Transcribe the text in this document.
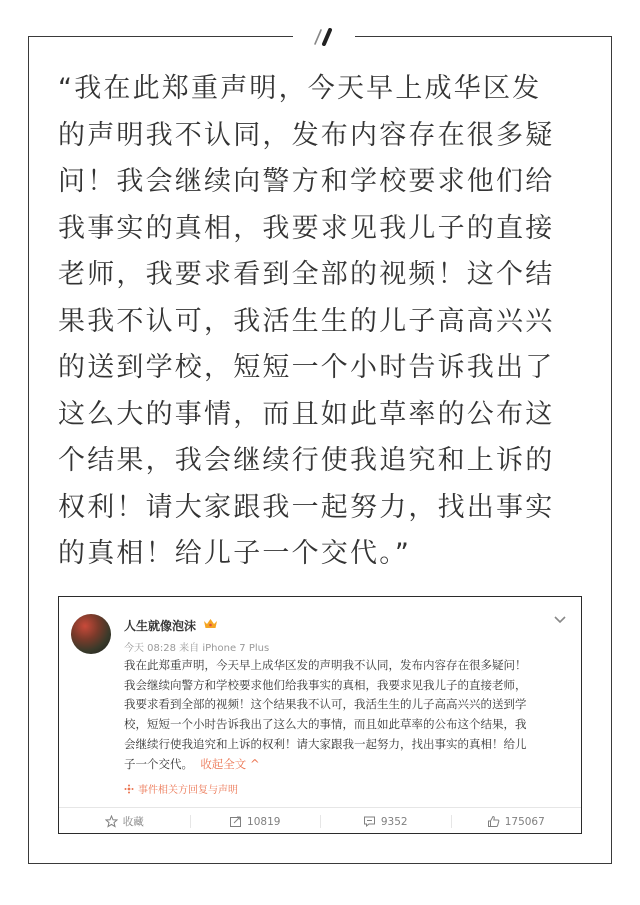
“我在此郑重声明，今天早上成华区发
的声明我不认同，发布内容存在很多疑
问！我会继续向警方和学校要求他们给
我事实的真相，我要求见我儿子的直接
老师，我要求看到全部的视频！这个结
果我不认可，我活生生的儿子高高兴兴
的送到学校，短短一个小时告诉我出了
这么大的事情，而且如此草率的公布这
个结果，我会继续行使我追究和上诉的
权利！请大家跟我一起努力，找出事实
的真相！给儿子一个交代。”
人生就像泡沫
今天 08:28 来自 iPhone 7 Plus
我在此郑重声明，今天早上成华区发的声明我不认同，发布内容存在很多疑问！
我会继续向警方和学校要求他们给我事实的真相，我要求见我儿子的直接老师，
我要求看到全部的视频！这个结果我不认可，我活生生的儿子高高兴兴的送到学
校，短短一个小时告诉我出了这么大的事情，而且如此草率的公布这个结果，我
会继续行使我追究和上诉的权利！请大家跟我一起努力，找出事实的真相！给儿
子一个交代。 收起全文 ^
事件相关方回复与声明
收藏	10819	9352	175067
